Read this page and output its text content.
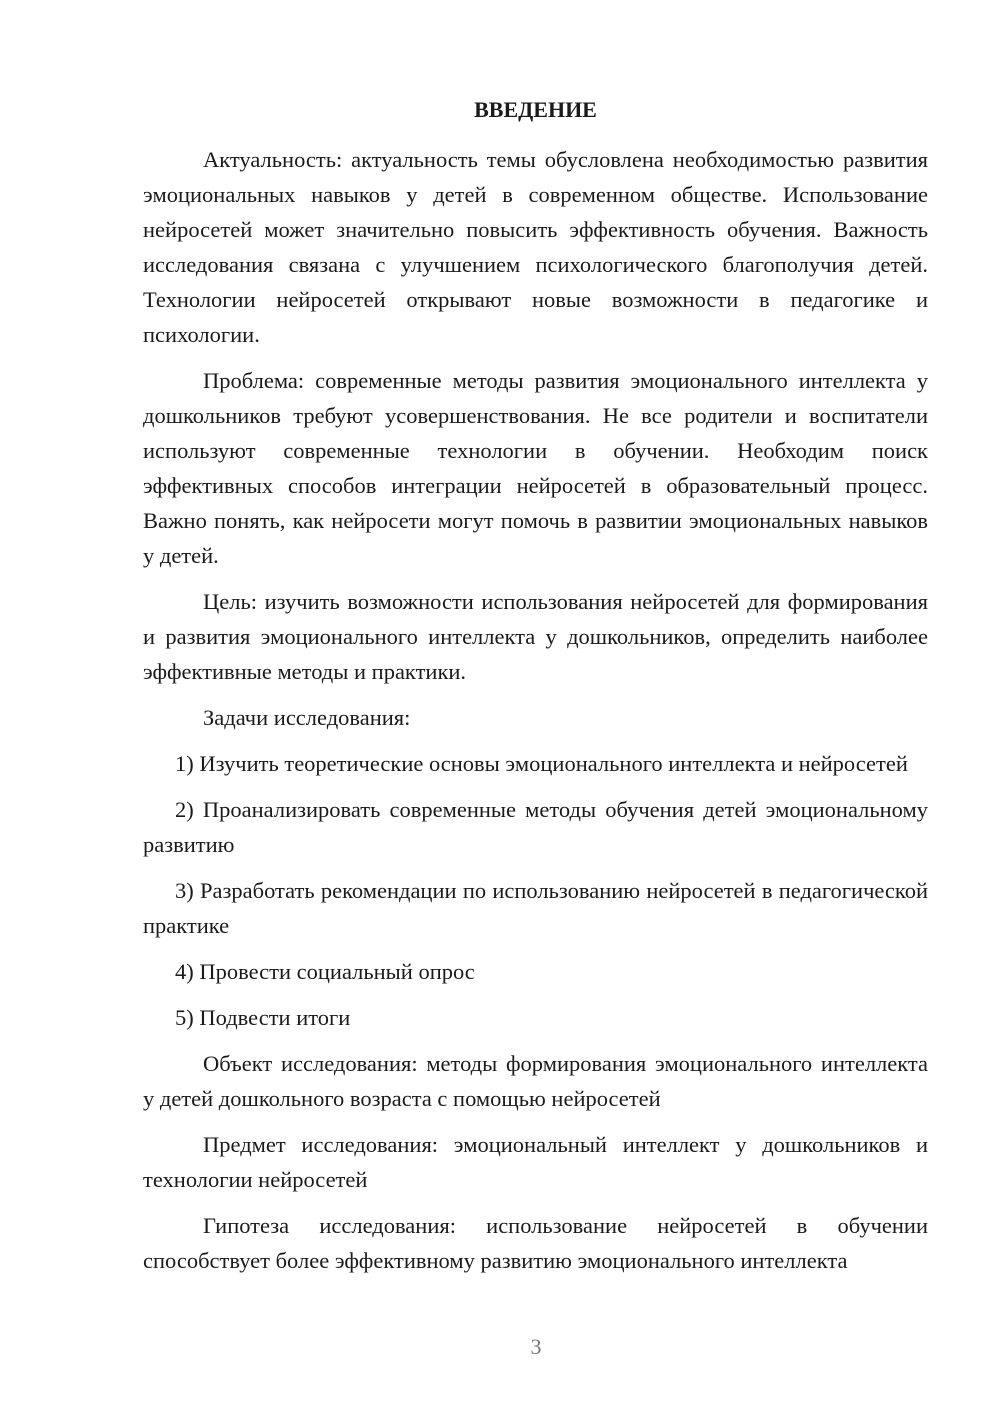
ВВЕДЕНИЕ

Актуальность: актуальность темы обусловлена необходимостью развития эмоциональных навыков у детей в современном обществе. Использование нейросетей может значительно повысить эффективность обучения. Важность исследования связана с улучшением психологического благополучия детей. Технологии нейросетей открывают новые возможности в педагогике и психологии.

Проблема: современные методы развития эмоционального интеллекта у дошкольников требуют усовершенствования. Не все родители и воспитатели используют современные технологии в обучении. Необходим поиск эффективных способов интеграции нейросетей в образовательный процесс. Важно понять, как нейросети могут помочь в развитии эмоциональных навыков у детей.

Цель: изучить возможности использования нейросетей для формирования и развития эмоционального интеллекта у дошкольников, определить наиболее эффективные методы и практики.

Задачи исследования:

1) Изучить теоретические основы эмоционального интеллекта и нейросетей

2) Проанализировать современные методы обучения детей эмоциональному развитию

3) Разработать рекомендации по использованию нейросетей в педагогической практике

4) Провести социальный опрос

5) Подвести итоги

Объект исследования: методы формирования эмоционального интеллекта у детей дошкольного возраста с помощью нейросетей

Предмет исследования: эмоциональный интеллект у дошкольников и технологии нейросетей

Гипотеза исследования: использование нейросетей в обучении способствует более эффективному развитию эмоционального интеллекта

3
